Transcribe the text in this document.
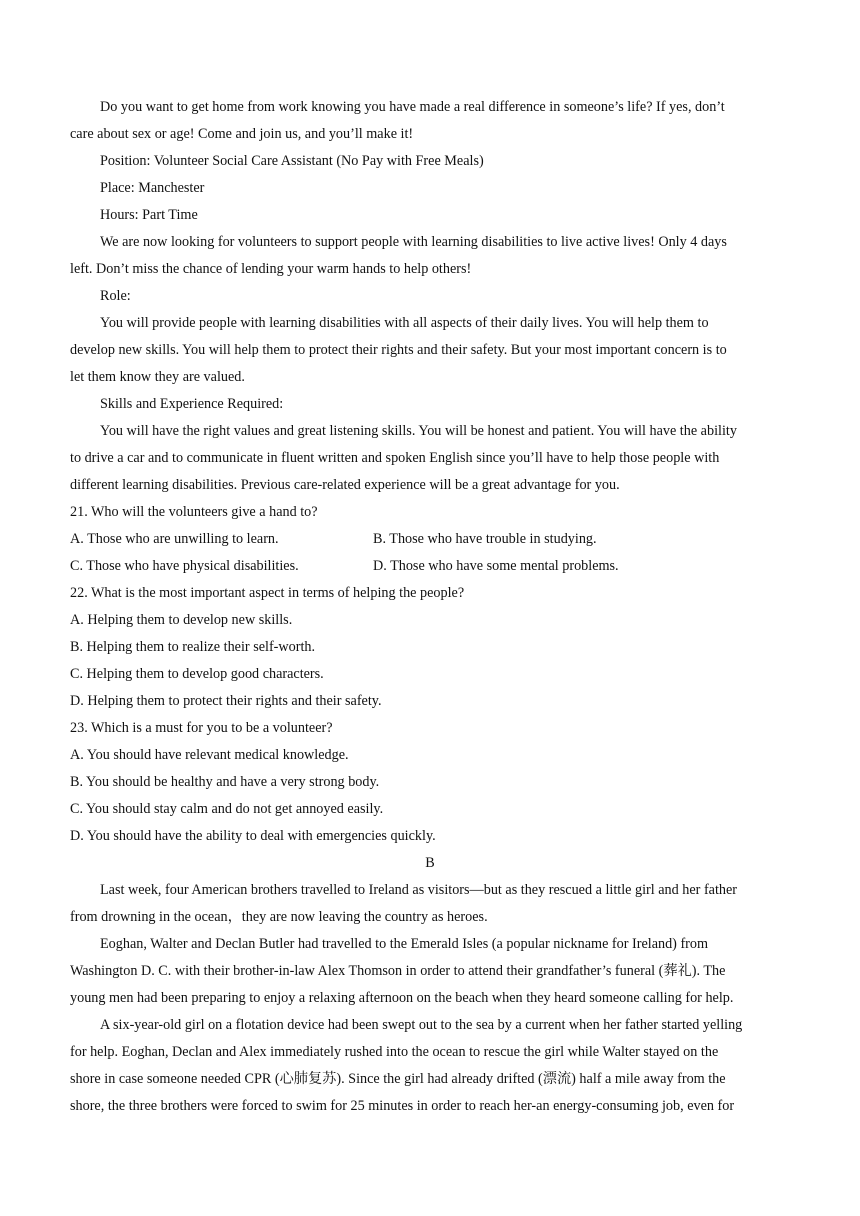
Do you want to get home from work knowing you have made a real difference in someone’s life? If yes, don’t
care about sex or age! Come and join us, and you’ll make it!
Position: Volunteer Social Care Assistant (No Pay with Free Meals)
Place: Manchester
Hours: Part Time
We are now looking for volunteers to support people with learning disabilities to live active lives! Only 4 days
left. Don’t miss the chance of lending your warm hands to help others!
Role:
You will provide people with learning disabilities with all aspects of their daily lives. You will help them to
develop new skills. You will help them to protect their rights and their safety. But your most important concern is to
let them know they are valued.
Skills and Experience Required:
You will have the right values and great listening skills. You will be honest and patient. You will have the ability
to drive a car and to communicate in fluent written and spoken English since you’ll have to help those people with
different learning disabilities. Previous care-related experience will be a great advantage for you.
21. Who will the volunteers give a hand to?
A. Those who are unwilling to learn.	B. Those who have trouble in studying.
C. Those who have physical disabilities.	D. Those who have some mental problems.
22. What is the most important aspect in terms of helping the people?
A. Helping them to develop new skills.
B. Helping them to realize their self-worth.
C. Helping them to develop good characters.
D. Helping them to protect their rights and their safety.
23. Which is a must for you to be a volunteer?
A. You should have relevant medical knowledge.
B. You should be healthy and have a very strong body.
C. You should stay calm and do not get annoyed easily.
D. You should have the ability to deal with emergencies quickly.
B
Last week, four American brothers travelled to Ireland as visitors—but as they rescued a little girl and her father
from drowning in the ocean，they are now leaving the country as heroes.
Eoghan, Walter and Declan Butler had travelled to the Emerald Isles (a popular nickname for Ireland) from
Washington D. C. with their brother-in-law Alex Thomson in order to attend their grandfather’s funeral (葬礼). The
young men had been preparing to enjoy a relaxing afternoon on the beach when they heard someone calling for help.
A six-year-old girl on a flotation device had been swept out to the sea by a current when her father started yelling
for help. Eoghan, Declan and Alex immediately rushed into the ocean to rescue the girl while Walter stayed on the
shore in case someone needed CPR (心肺复苏). Since the girl had already drifted (漂流) half a mile away from the
shore, the three brothers were forced to swim for 25 minutes in order to reach her-an energy-consuming job, even for
